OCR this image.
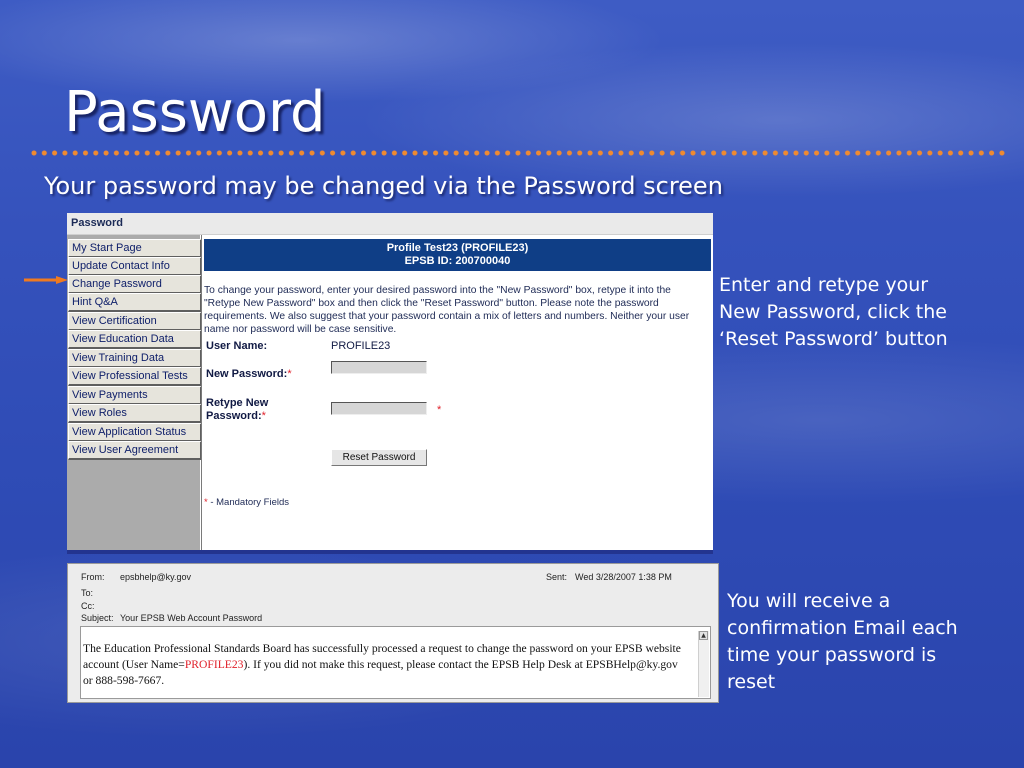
Password
Your password may be changed via the Password screen
Password
My Start Page
Update Contact Info
Change Password
Hint Q&A
View Certification
View Education Data
View Training Data
View Professional Tests
View Payments
View Roles
View Application Status
View User Agreement
Profile Test23 (PROFILE23)
EPSB ID: 200700040
To change your password, enter your desired password into the "New Password" box, retype it into the "Retype New Password" box and then click the "Reset Password" button. Please note the password requirements. We also suggest that your password contain a mix of letters and numbers. Neither your user name nor password will be case sensitive.
User Name:	PROFILE23
New Password:*
Retype New
Password:*	*
Reset Password
* - Mandatory Fields
From: epsbhelp@ky.gov
To:
Cc:
Subject: Your EPSB Web Account Password
Sent: Wed 3/28/2007 1:38 PM
The Education Professional Standards Board has successfully processed a request to change the password on your EPSB website account (User Name=PROFILE23). If you did not make this request, please contact the EPSB Help Desk at EPSBHelp@ky.gov or 888-598-7667.
▲
Enter and retype your
New Password, click the
‘Reset Password’ button
You will receive a
confirmation Email each
time your password is
reset
